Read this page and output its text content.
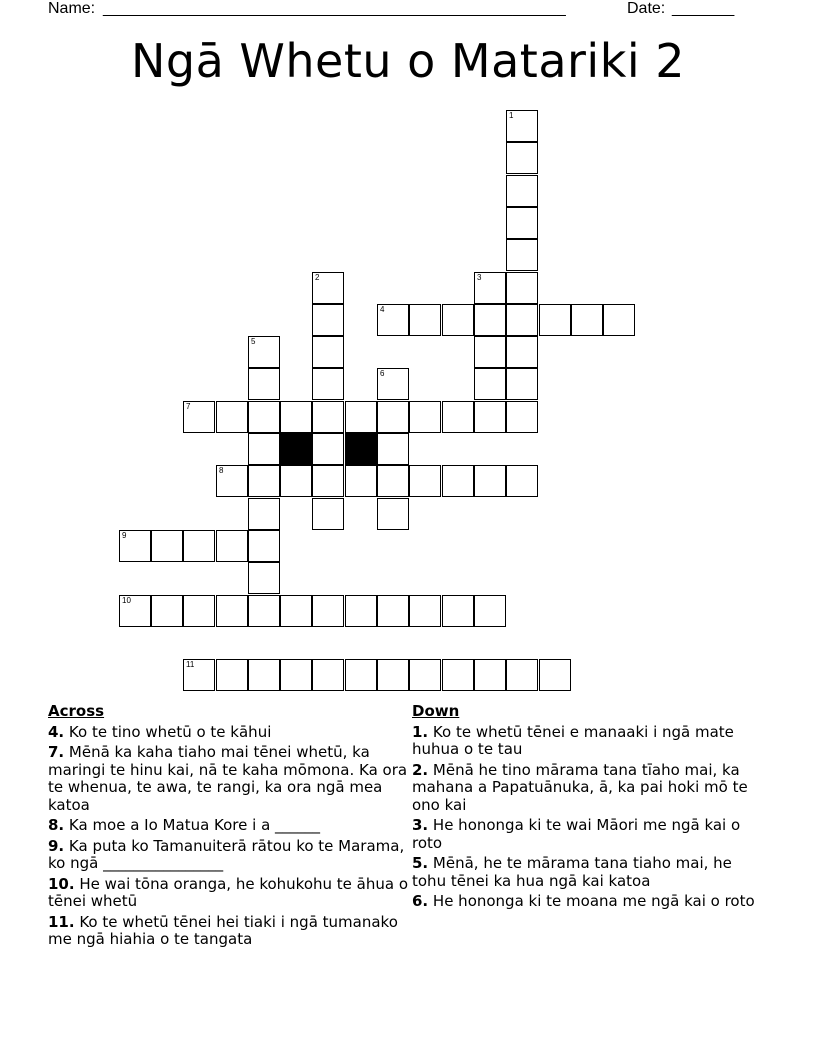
Name: ____________________________________________________	Date: _______
Ngā Whetu o Matariki 2
1
2	3
4
5
6
7
8
9
10
11
Across
4. Ko te tino whetū o te kāhui
7. Mēnā ka kaha tiaho mai tēnei whetū, ka maringi te hinu kai, nā te kaha mōmona. Ka ora te whenua, te awa, te rangi, ka ora ngā mea katoa
8. Ka moe a Io Matua Kore i a ______
9. Ka puta ko Tamanuiterā rātou ko te Marama, ko ngā ________________
10. He wai tōna oranga, he kohukohu te āhua o tēnei whetū
11. Ko te whetū tēnei hei tiaki i ngā tumanako me ngā hiahia o te tangata
Down
1. Ko te whetū tēnei e manaaki i ngā mate huhua o te tau
2. Mēnā he tino mārama tana tīaho mai, ka mahana a Papatuānuka, ā, ka pai hoki mō te ono kai
3. He hononga ki te wai Māori me ngā kai o roto
5. Mēnā, he te mārama tana tiaho mai, he tohu tēnei ka hua ngā kai katoa
6. He hononga ki te moana me ngā kai o roto
